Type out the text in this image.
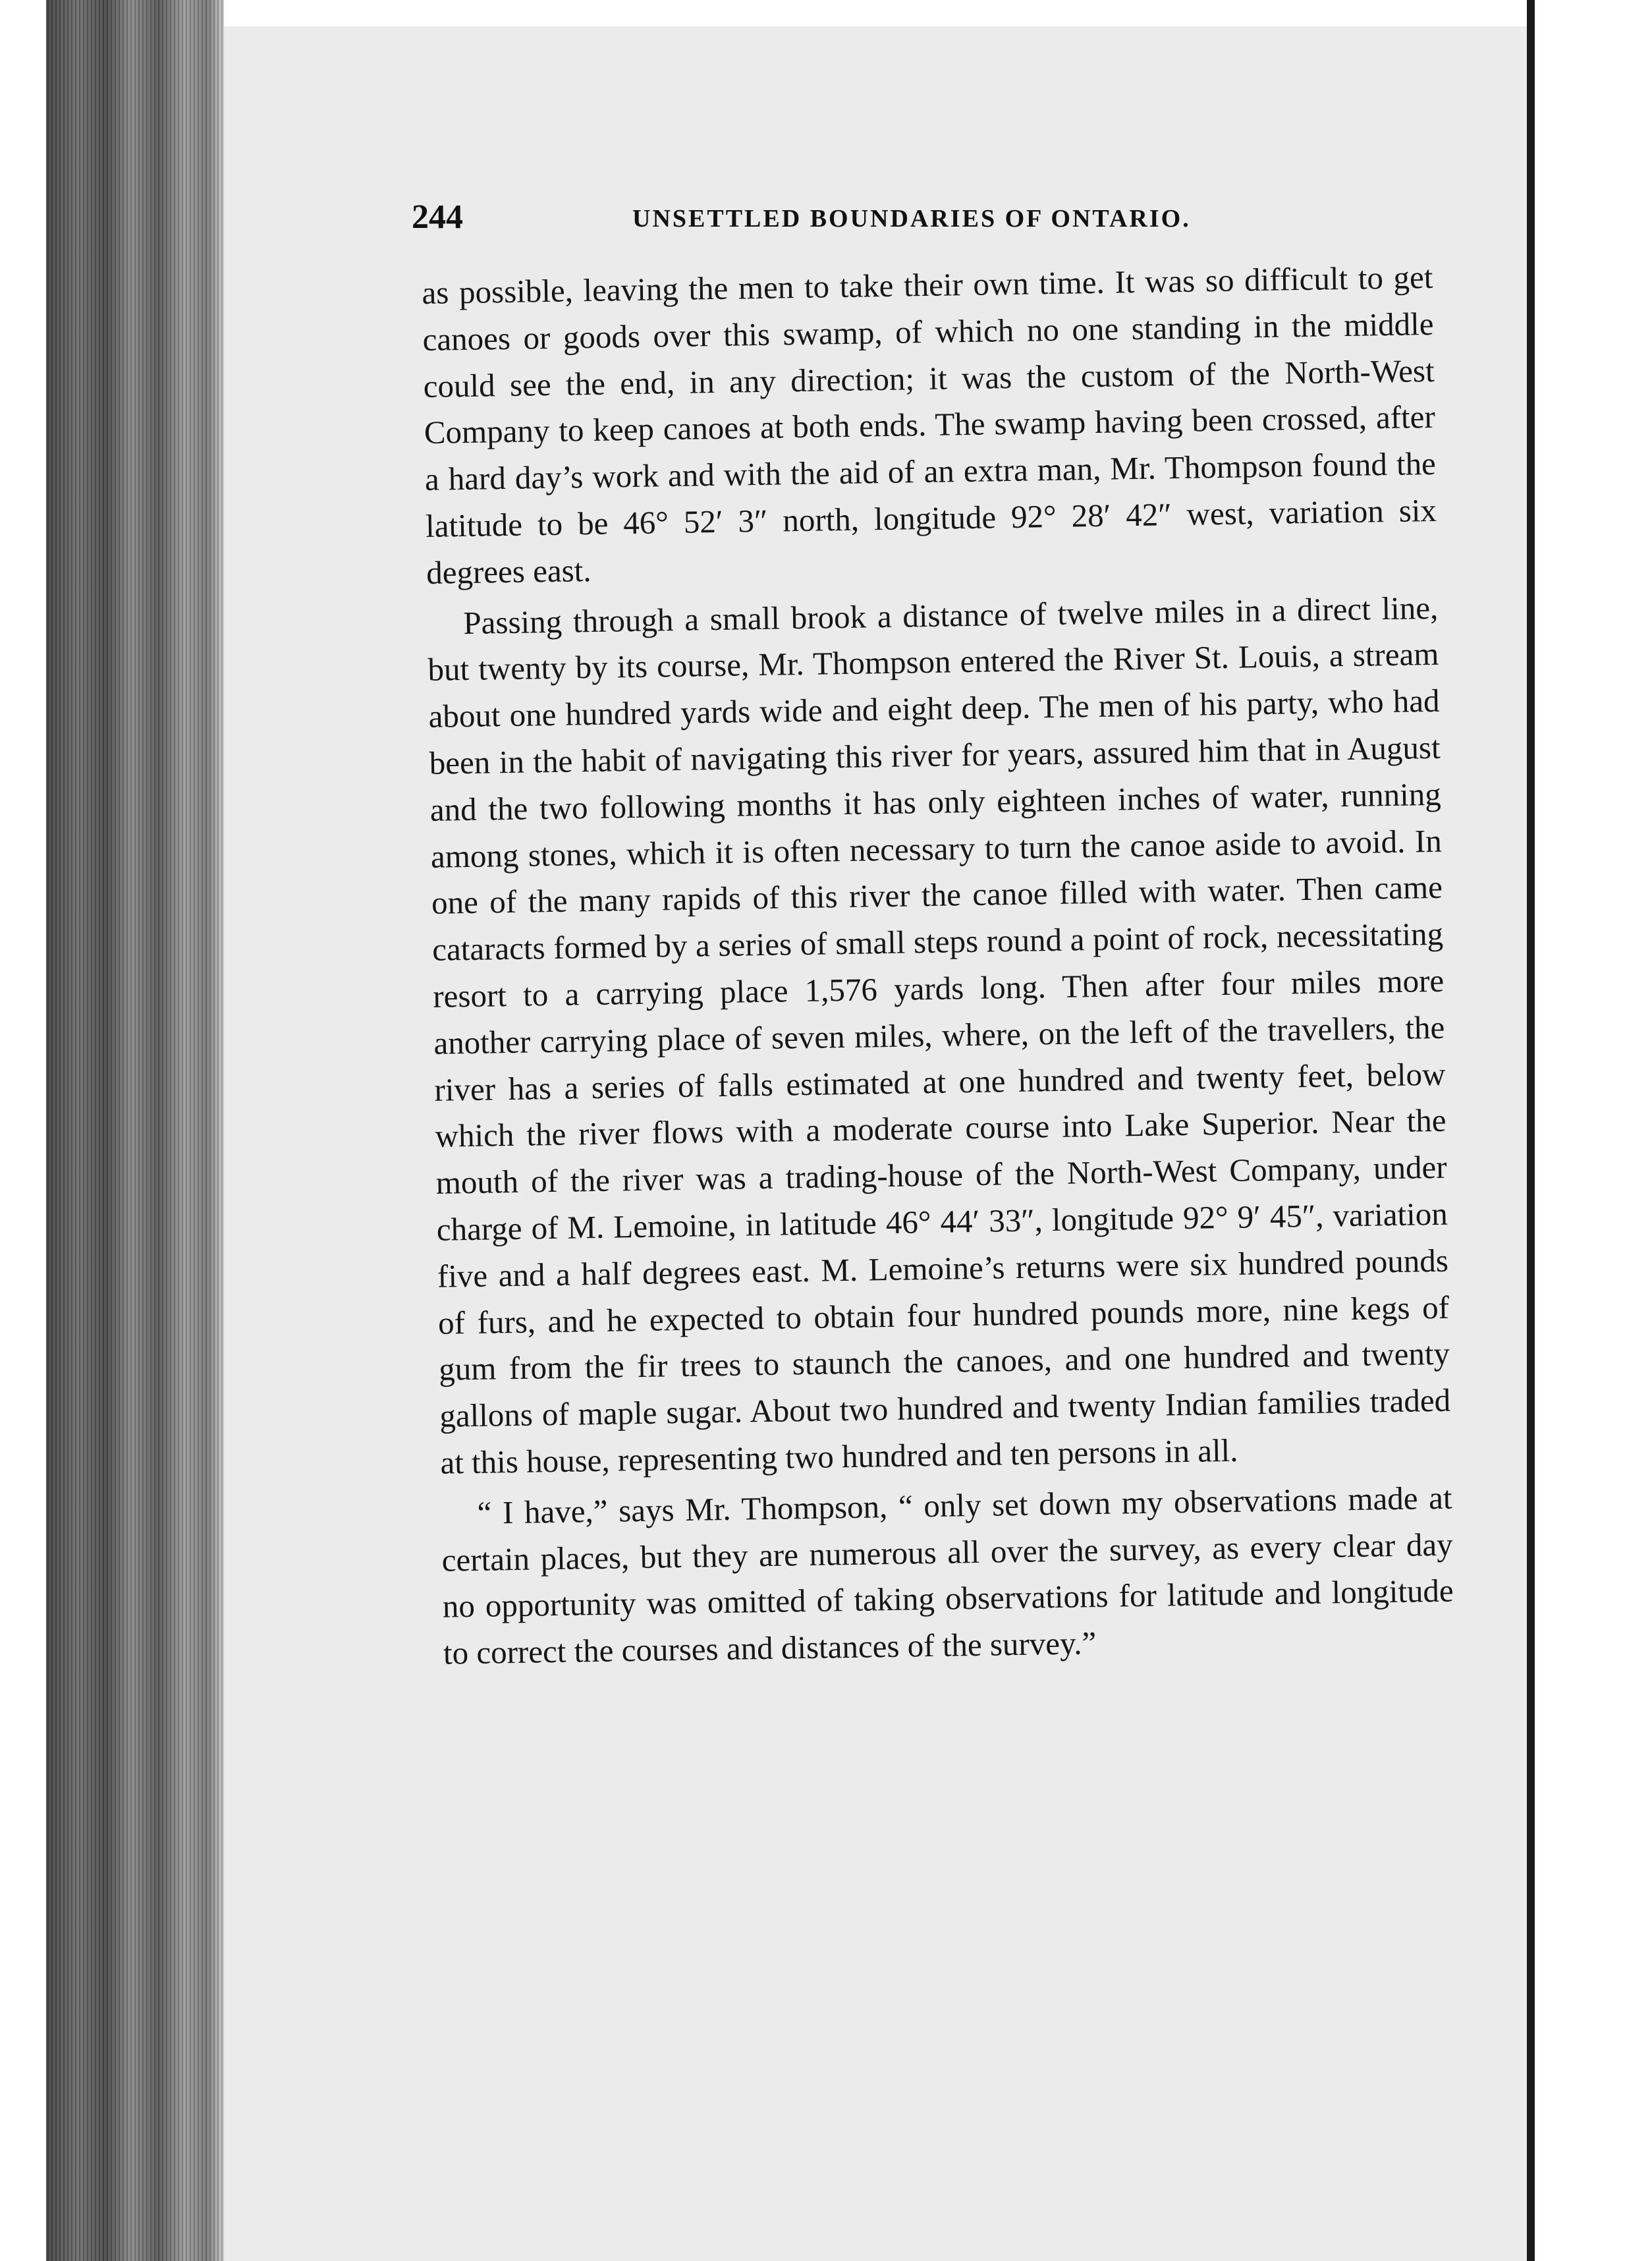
244	UNSETTLED BOUNDARIES OF ONTARIO.

as possible, leaving the men to take their own time. It was so difficult to get canoes or goods over this swamp, of which no one standing in the middle could see the end, in any direction; it was the custom of the North-West Company to keep canoes at both ends. The swamp having been crossed, after a hard day’s work and with the aid of an extra man, Mr. Thompson found the latitude to be 46° 52′ 3″ north, longitude 92° 28′ 42″ west, variation six degrees east.

Passing through a small brook a distance of twelve miles in a direct line, but twenty by its course, Mr. Thompson entered the River St. Louis, a stream about one hundred yards wide and eight deep. The men of his party, who had been in the habit of navigating this river for years, assured him that in August and the two following months it has only eighteen inches of water, running among stones, which it is often necessary to turn the canoe aside to avoid. In one of the many rapids of this river the canoe filled with water. Then came cataracts formed by a series of small steps round a point of rock, necessitating resort to a carrying place 1,576 yards long. Then after four miles more another carrying place of seven miles, where, on the left of the travellers, the river has a series of falls estimated at one hundred and twenty feet, below which the river flows with a moderate course into Lake Superior. Near the mouth of the river was a trading-house of the North-West Company, under charge of M. Lemoine, in latitude 46° 44′ 33″, longitude 92° 9′ 45″, variation five and a half degrees east. M. Lemoine’s returns were six hundred pounds of furs, and he expected to obtain four hundred pounds more, nine kegs of gum from the fir trees to staunch the canoes, and one hundred and twenty gallons of maple sugar. About two hundred and twenty Indian families traded at this house, representing two hundred and ten persons in all.

“ I have,” says Mr. Thompson, “ only set down my observations made at certain places, but they are numerous all over the survey, as every clear day no opportunity was omitted of taking observations for latitude and longitude to correct the courses and distances of the survey.”
